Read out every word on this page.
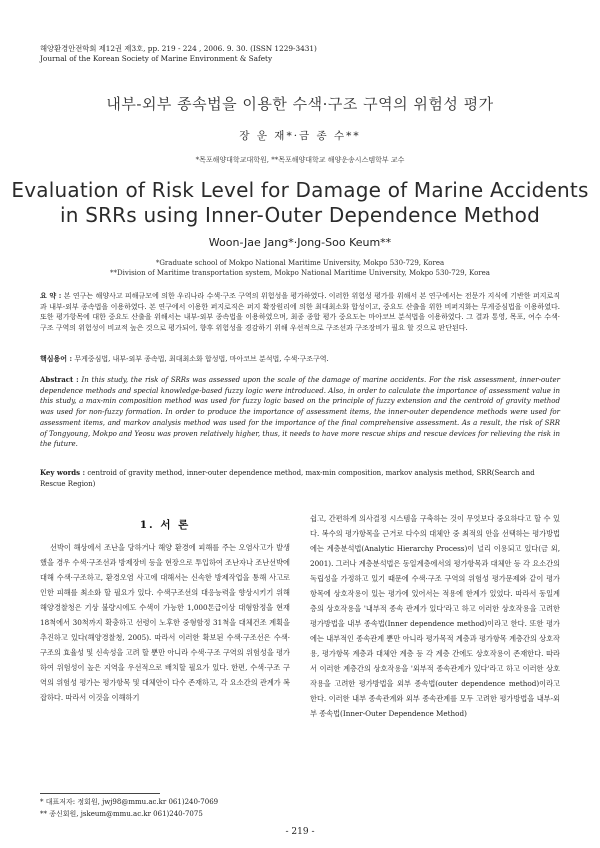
해양환경안전학회 제12권 제3호, pp. 219 - 224 , 2006. 9. 30. (ISSN 1229-3431)
Journal of the Korean Society of Marine Environment & Safety
내부-외부 종속법을 이용한 수색·구조 구역의 위험성 평가
장 운 재*·금 종 수**
*목포해양대학교대학원, **목포해양대학교 해양운송시스템학부 교수
Evaluation of Risk Level for Damage of Marine Accidents
in SRRs using Inner-Outer Dependence Method
Woon-Jae Jang*·Jong-Soo Keum**
*Graduate school of Mokpo National Maritime University, Mokpo 530-729, Korea
**Division of Maritime transportation system, Mokpo National Maritime University, Mokpo 530-729, Korea
요 약 : 본 연구는 해양사고 피해규모에 의한 우리나라 수색·구조 구역의 위험성을 평가하였다. 이러한 위험성 평가를 위해서 본 연구에서는 전문가 지식에 기반한 퍼지로직과 내부-외부 종속법을 이용하였다. 본 연구에서 이용한 퍼지로직은 퍼지 확장원리에 의한 최대최소화 합성이고, 중요도 산출을 위한 비퍼지화는 무게중심법을 이용하였다. 또한 평가항목에 대한 중요도 산출을 위해서는 내부-외부 종속법을 이용하였으며, 최종 종합 평가 중요도는 마아코브 분석법을 이용하였다. 그 결과 통영, 목포, 여수 수색·구조 구역의 위험성이 비교적 높은 것으로 평가되어, 향후 위험성을 경감하기 위해 우선적으로 구조선과 구조장비가 필요 할 것으로 판단된다.
핵심용어 : 무게중심법, 내부-외부 종속법, 최대최소화 합성법, 마아코브 분석법, 수색·구조구역.
Abstract : In this study, the risk of SRRs was assessed upon the scale of the damage of marine accidents. For the risk assessment, inner-outer dependence methods and special knowledge-based fuzzy logic were introduced. Also, in order to calculate the importance of assessment value in this study, a max-min composition method was used for fuzzy logic based on the principle of fuzzy extension and the centroid of gravity method was used for non-fuzzy formation. In order to produce the importance of assessment items, the inner-outer dependence methods were used for assessment items, and markov analysis method was used for the importance of the final comprehensive assessment. As a result, the risk of SRR of Tongyoung, Mokpo and Yeosu was proven relatively higher, thus, it needs to have more rescue ships and rescue devices for relieving the risk in the future.
Key words : centroid of gravity method, inner-outer dependence method, max-min composition, markov analysis method, SRR(Search and Rescue Region)
1. 서 론

선박이 해상에서 조난을 당하거나 해양 환경에 피해를 주는 오염사고가 발생했을 경우 수색·구조선과 방제장비 등을 현장으로 투입하여 조난자나 조난선박에 대해 수색·구조하고, 환경오염 사고에 대해서는 신속한 방제작업을 통해 사고로 인한 피해를 최소화 할 필요가 있다. 수색구조선의 대응능력을 향상시키기 위해 해양경찰청은 기상 불량시에도 수색이 가능한 1,000톤급이상 대형함정을 현재 18척에서 30척까지 확충하고 선령이 노후한 중형함정 31척을 대체건조 계획을 추진하고 있다(해양경찰청, 2005). 따라서 이러한 확보된 수색·구조선은 수색·구조의 효율성 및 신속성을 고려 할 뿐만 아니라 수색·구조 구역의 위험성을 평가하여 위험성이 높은 지역을 우선적으로 배치할 필요가 있다. 한편, 수색·구조 구역의 위험성 평가는 평가항목 및 대체안이 다수 존재하고, 각 요소간의 관계가 복잡하다. 따라서 이것을 이해하기

쉽고, 간편하게 의사결정 시스템을 구축하는 것이 무엇보다 중요하다고 할 수 있다. 복수의 평가항목을 근거로 다수의 대체안 중 최적의 안을 선택하는 평가방법에는 계층분석법(Analytic Hierarchy Process)이 널리 이용되고 있다(금 외, 2001). 그러나 계층분석법은 동일계층에서의 평가항목과 대체안 등 각 요소간의 독립성을 가정하고 있기 때문에 수색·구조 구역의 위험성 평가문제와 같이 평가항목에 상호작용이 있는 평가에 있어서는 적용에 한계가 있었다. 따라서 동일계층의 상호작용을 '내부적 종속 관계가 있다'라고 하고 이러한 상호작용을 고려한 평가방법을 내부 종속법(Inner dependence method)이라고 한다. 또한 평가에는 내부적인 종속관계 뿐만 아니라 평가목적 계층과 평가항목 계층간의 상호작용, 평가항목 계층과 대체안 계층 등 각 계층 간에도 상호작용이 존재한다. 따라서 이러한 계층간의 상호작용을 '외부적 종속관계가 있다'라고 하고 이러한 상호작용을 고려한 평가방법을 외부 종속법(outer dependence method)이라고 한다. 이러한 내부 종속관계와 외부 종속관계를 모두 고려한 평가방법을 내부-외부 종속법(Inner-Outer Dependence Method)

* 대표저자: 정회원, jwj98@mmu.ac.kr 061)240-7069
** 종신회원, jskeum@mmu.ac.kr 061)240-7075
- 219 -
